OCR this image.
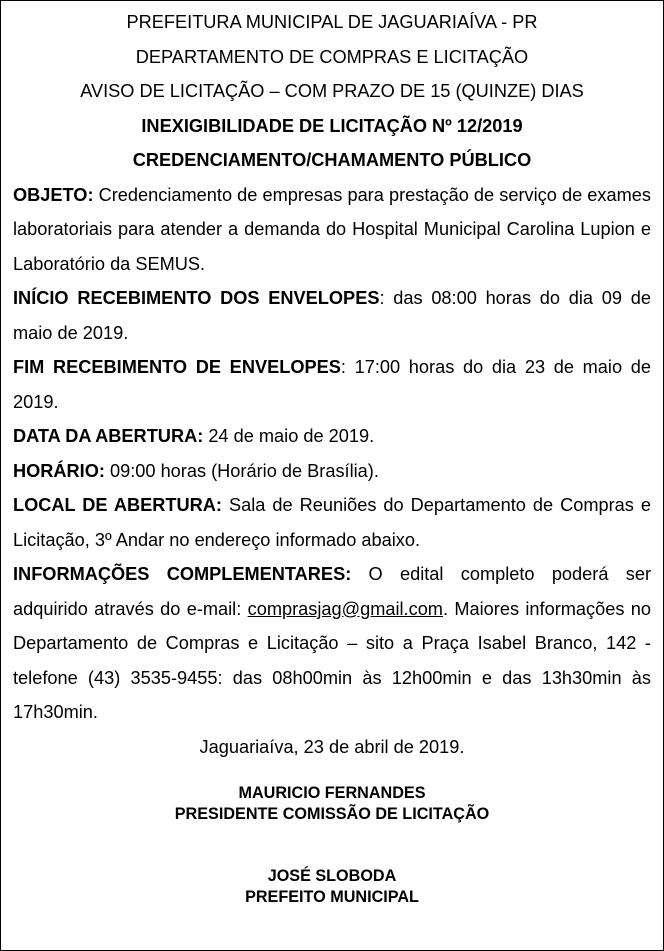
PREFEITURA MUNICIPAL DE JAGUARIAÍVA - PR

DEPARTAMENTO DE COMPRAS E LICITAÇÃO

AVISO DE LICITAÇÃO – COM PRAZO DE 15 (QUINZE) DIAS

INEXIGIBILIDADE DE LICITAÇÃO Nº 12/2019

CREDENCIAMENTO/CHAMAMENTO PÚBLICO

OBJETO: Credenciamento de empresas para prestação de serviço de exames laboratoriais para atender a demanda do Hospital Municipal Carolina Lupion e Laboratório da SEMUS.

INÍCIO RECEBIMENTO DOS ENVELOPES: das 08:00 horas do dia 09 de maio de 2019.

FIM RECEBIMENTO DE ENVELOPES: 17:00 horas do dia 23 de maio de 2019.

DATA DA ABERTURA: 24 de maio de 2019.

HORÁRIO: 09:00 horas (Horário de Brasília).

LOCAL DE ABERTURA: Sala de Reuniões do Departamento de Compras e Licitação, 3º Andar no endereço informado abaixo.

INFORMAÇÕES COMPLEMENTARES: O edital completo poderá ser adquirido através do e-mail: comprasjag@gmail.com. Maiores informações no Departamento de Compras e Licitação – sito a Praça Isabel Branco, 142 - telefone (43) 3535-9455: das 08h00min às 12h00min e das 13h30min às 17h30min.

Jaguariaíva, 23 de abril de 2019.

MAURICIO FERNANDES

PRESIDENTE COMISSÃO DE LICITAÇÃO

JOSÉ SLOBODA

PREFEITO MUNICIPAL
